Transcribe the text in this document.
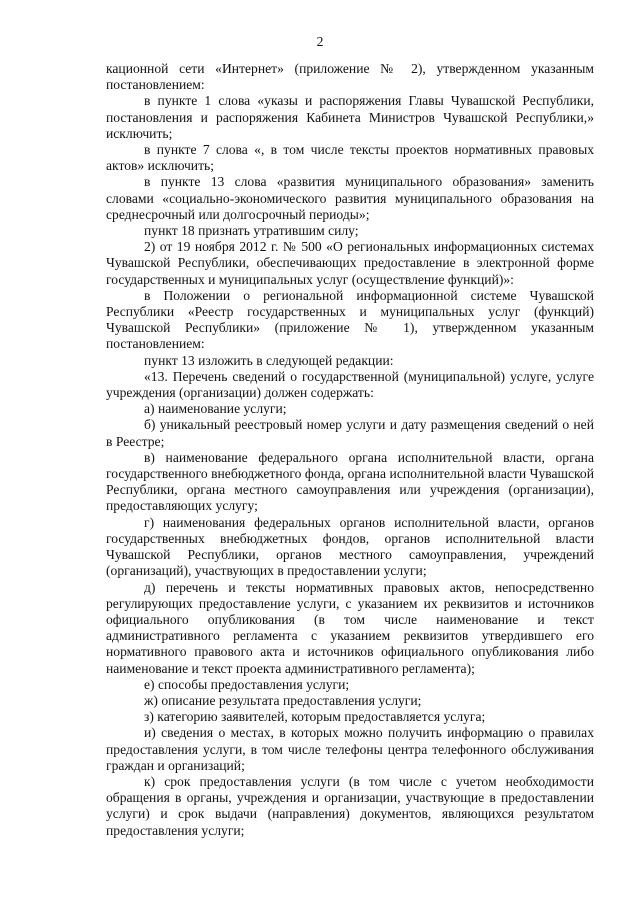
2

кационной сети «Интернет» (приложение № 2), утвержденном указанным постановлением:

в пункте 1 слова «указы и распоряжения Главы Чувашской Республики, постановления и распоряжения Кабинета Министров Чувашской Республики,» исключить;

в пункте 7 слова «, в том числе тексты проектов нормативных правовых актов» исключить;

в пункте 13 слова «развития муниципального образования» заменить словами «социально-экономического развития муниципального образования на среднесрочный или долгосрочный периоды»;

пункт 18 признать утратившим силу;

2) от 19 ноября 2012 г. № 500 «О региональных информационных системах Чувашской Республики, обеспечивающих предоставление в электронной форме государственных и муниципальных услуг (осуществление функций)»:

в Положении о региональной информационной системе Чувашской Республики «Реестр государственных и муниципальных услуг (функций) Чувашской Республики» (приложение № 1), утвержденном указанным постановлением:

пункт 13 изложить в следующей редакции:

«13. Перечень сведений о государственной (муниципальной) услуге, услуге учреждения (организации) должен содержать:

а) наименование услуги;

б) уникальный реестровый номер услуги и дату размещения сведений о ней в Реестре;

в) наименование федерального органа исполнительной власти, органа государственного внебюджетного фонда, органа исполнительной власти Чувашской Республики, органа местного самоуправления или учреждения (организации), предоставляющих услугу;

г) наименования федеральных органов исполнительной власти, органов государственных внебюджетных фондов, органов исполнительной власти Чувашской Республики, органов местного самоуправления, учреждений (организаций), участвующих в предоставлении услуги;

д) перечень и тексты нормативных правовых актов, непосредственно регулирующих предоставление услуги, с указанием их реквизитов и источников официального опубликования (в том числе наименование и текст административного регламента с указанием реквизитов утвердившего его нормативного правового акта и источников официального опубликования либо наименование и текст проекта административного регламента);

е) способы предоставления услуги;

ж) описание результата предоставления услуги;

з) категорию заявителей, которым предоставляется услуга;

и) сведения о местах, в которых можно получить информацию о правилах предоставления услуги, в том числе телефоны центра телефонного обслуживания граждан и организаций;

к) срок предоставления услуги (в том числе с учетом необходимости обращения в органы, учреждения и организации, участвующие в предоставлении услуги) и срок выдачи (направления) документов, являющихся результатом предоставления услуги;
